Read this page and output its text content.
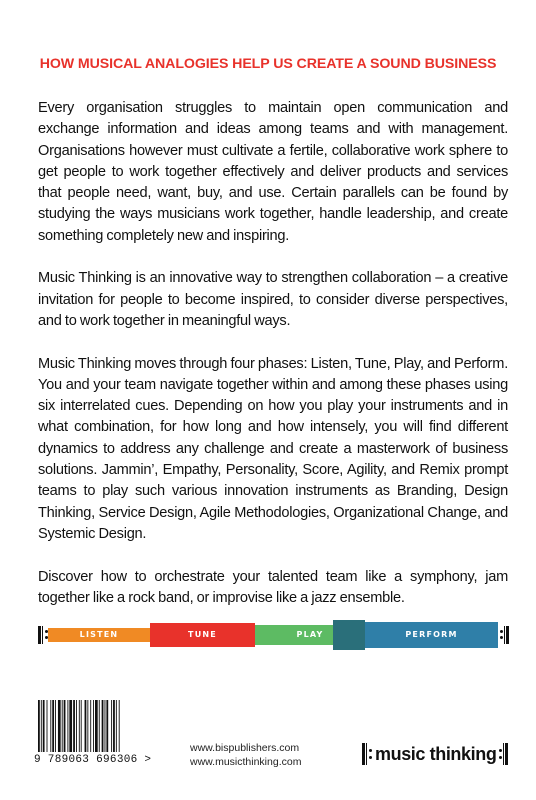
HOW MUSICAL ANALOGIES HELP US CREATE A SOUND BUSINESS

Every organisation struggles to maintain open communication and exchange information and ideas among teams and with management. Organisations however must cultivate a fertile, collaborative work sphere to get people to work together effectively and deliver products and services that people need, want, buy, and use. Certain parallels can be found by studying the ways musicians work together, handle leadership, and create something completely new and inspiring.

Music Thinking is an innovative way to strengthen collaboration – a creative invitation for people to become inspired, to consider diverse perspectives, and to work together in meaningful ways.

Music Thinking moves through four phases: Listen, Tune, Play, and Perform. You and your team navigate together within and among these phases using six interrelated cues. Depending on how you play your instruments and in what combination, for how long and how intensely, you will find different dynamics to address any challenge and create a masterwork of business solutions. Jammin’, Empathy, Personality, Score, Agility, and Remix prompt teams to play such various innovation instruments as Branding, Design Thinking, Service Design, Agile Methodologies, Organizational Change, and Systemic Design.

Discover how to orchestrate your talented team like a symphony, jam together like a rock band, or improvise like a jazz ensemble.

LISTEN	TUNE	PLAY	PERFORM
9 789063 696306 >
www.bispublishers.com
www.musicthinking.com	music thinking
